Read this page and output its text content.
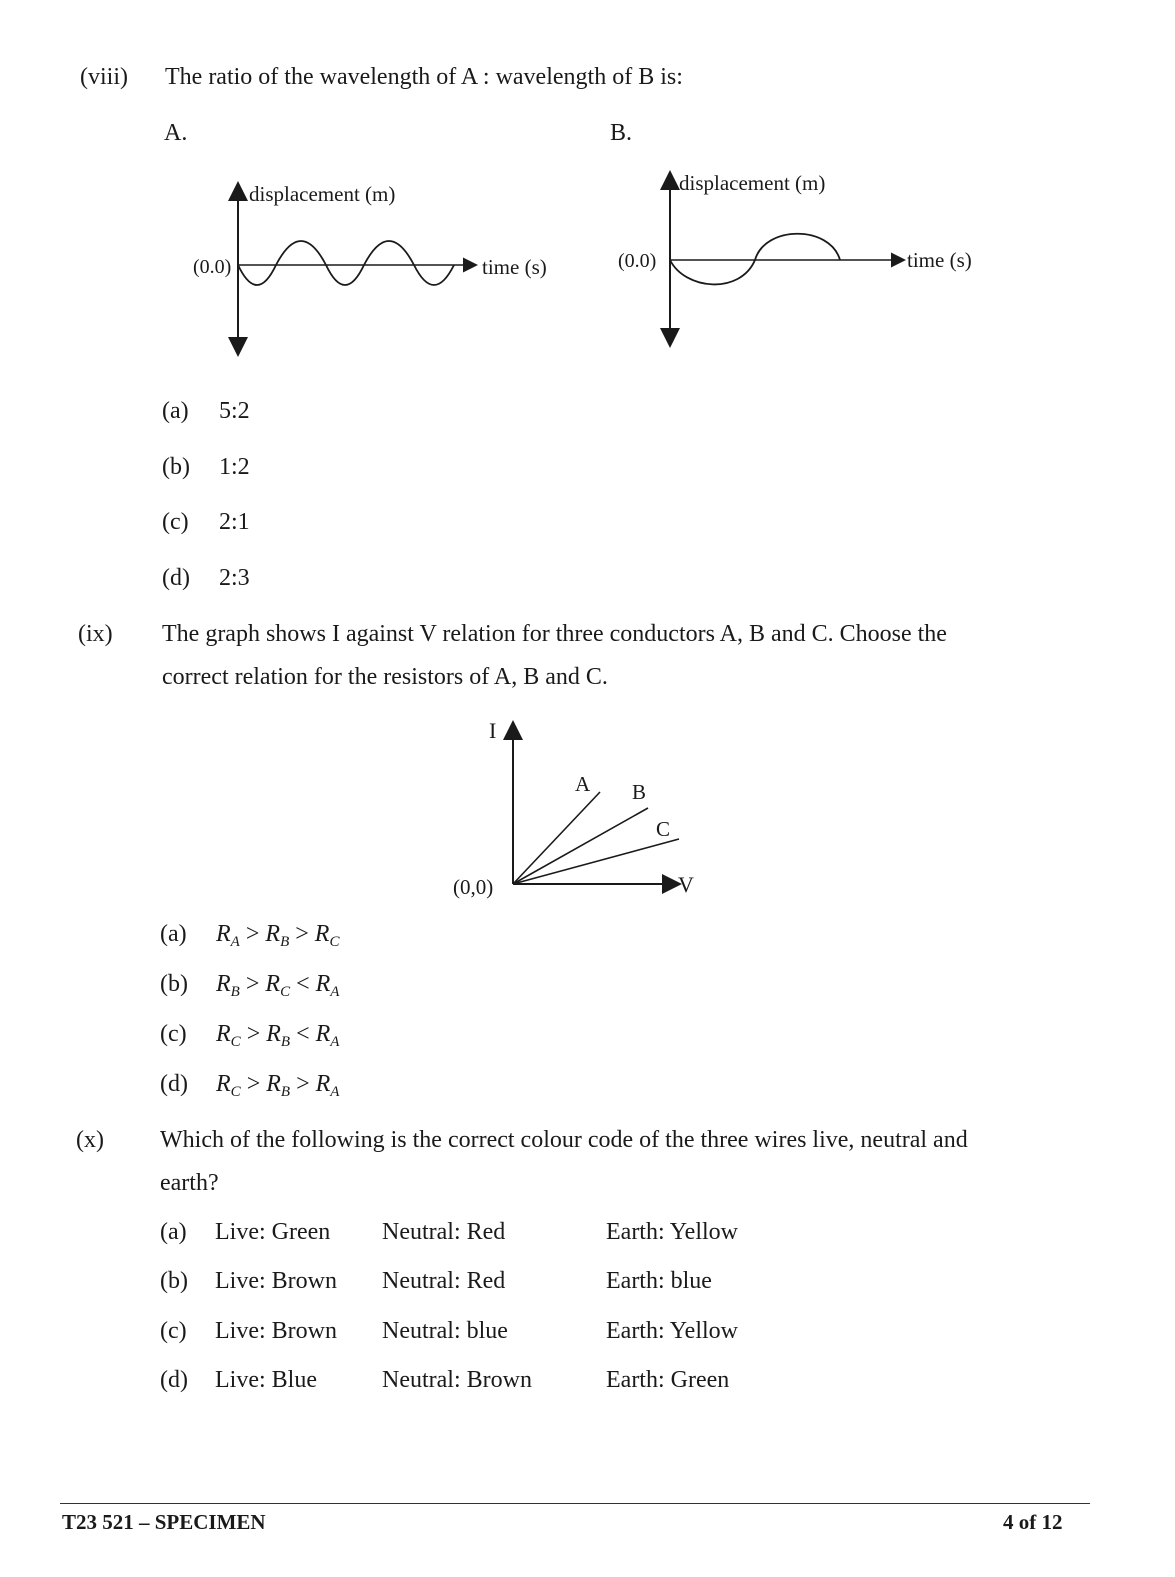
(viii) The ratio of the wavelength of A : wavelength of B is:
A.	B.
displacement (m)
(0.0)	time (s)
displacement (m)
(0.0)	time (s)
(a) 5:2
(b) 1:2
(c) 2:1
(d) 2:3
(ix) The graph shows I against V relation for three conductors A, B and C. Choose the
correct relation for the resistors of A, B and C.
I
V
(0,0)
A B
C
(a) $R_A > R_B > R_C$
(b) $R_B > R_C < R_A$
(c) $R_C > R_B < R_A$
(d) $R_C > R_B > R_A$
(x) Which of the following is the correct colour code of the three wires live, neutral and
earth?
(a) Live: Green Neutral: Red	Earth: Yellow
(b) Live: Brown Neutral: Red	Earth: blue
(c) Live: Brown Neutral: blue	Earth: Yellow
(d) Live: Blue	Neutral: Brown	Earth: Green
T23 521 – SPECIMEN	4 of 12
